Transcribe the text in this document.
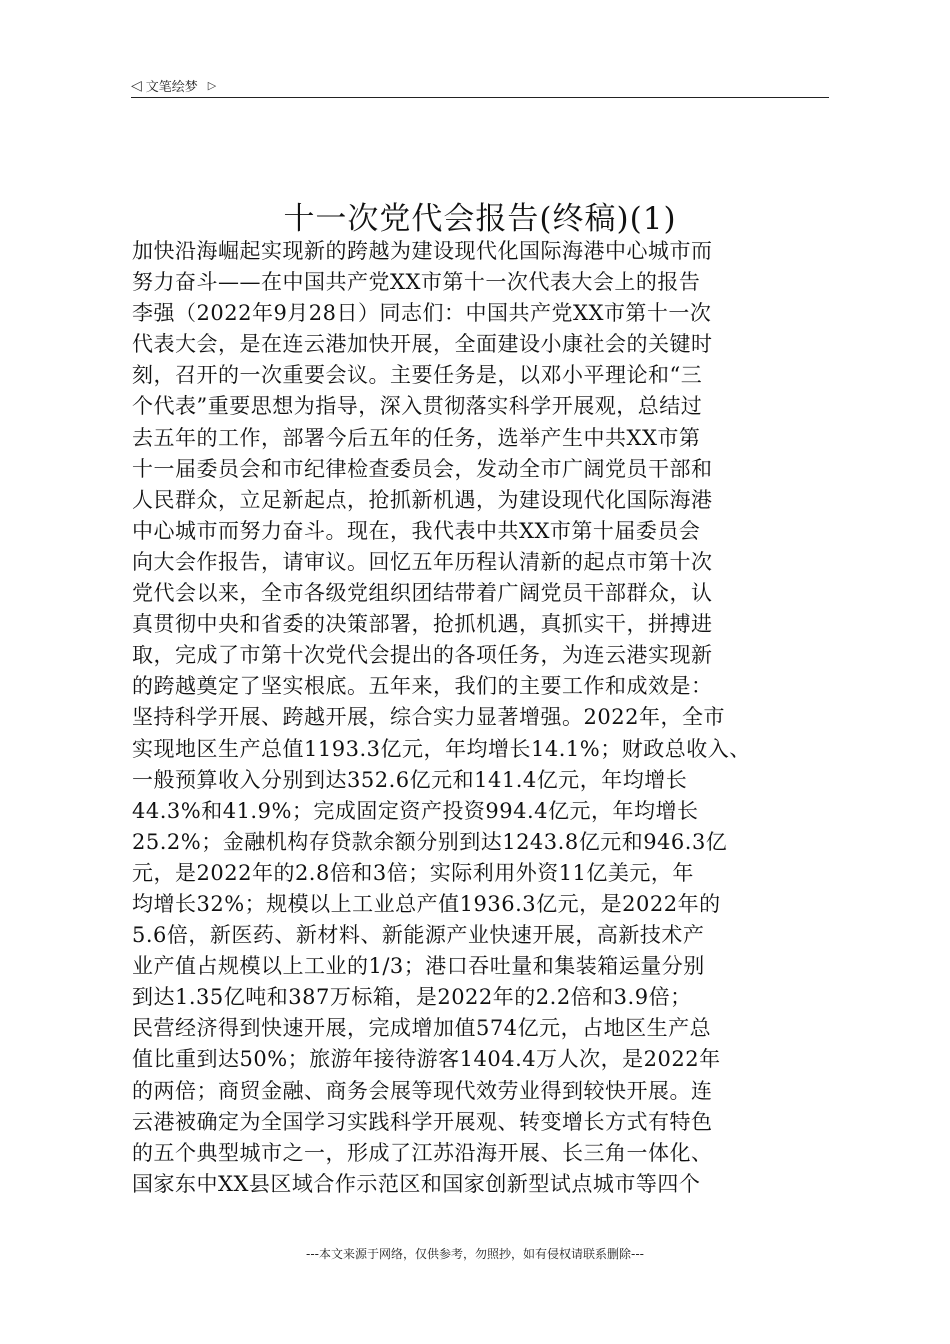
◁ 文笔绘梦 ▷
十一次党代会报告(终稿)(1)
加快沿海崛起实现新的跨越为建设现代化国际海港中心城市而
努力奋斗——在中国共产党XX市第十一次代表大会上的报告
李强（2022年9月28日）同志们：中国共产党XX市第十一次
代表大会，是在连云港加快开展，全面建设小康社会的关键时
刻，召开的一次重要会议。主要任务是，以邓小平理论和“三
个代表”重要思想为指导，深入贯彻落实科学开展观，总结过
去五年的工作，部署今后五年的任务，选举产生中共XX市第
十一届委员会和市纪律检查委员会，发动全市广阔党员干部和
人民群众，立足新起点，抢抓新机遇，为建设现代化国际海港
中心城市而努力奋斗。现在，我代表中共XX市第十届委员会
向大会作报告，请审议。回忆五年历程认清新的起点市第十次
党代会以来，全市各级党组织团结带着广阔党员干部群众，认
真贯彻中央和省委的决策部署，抢抓机遇，真抓实干，拼搏进
取，完成了市第十次党代会提出的各项任务，为连云港实现新
的跨越奠定了坚实根底。五年来，我们的主要工作和成效是：
坚持科学开展、跨越开展，综合实力显著增强。2022年，全市
实现地区生产总值1193.3亿元，年均增长14.1%；财政总收入、
一般预算收入分别到达352.6亿元和141.4亿元，年均增长
44.3%和41.9%；完成固定资产投资994.4亿元，年均增长
25.2%；金融机构存贷款余额分别到达1243.8亿元和946.3亿
元，是2022年的2.8倍和3倍；实际利用外资11亿美元，年
均增长32%；规模以上工业总产值1936.3亿元，是2022年的
5.6倍，新医药、新材料、新能源产业快速开展，高新技术产
业产值占规模以上工业的1/3；港口吞吐量和集装箱运量分别
到达1.35亿吨和387万标箱，是2022年的2.2倍和3.9倍；
民营经济得到快速开展，完成增加值574亿元，占地区生产总
值比重到达50%；旅游年接待游客1404.4万人次，是2022年
的两倍；商贸金融、商务会展等现代效劳业得到较快开展。连
云港被确定为全国学习实践科学开展观、转变增长方式有特色
的五个典型城市之一，形成了江苏沿海开展、长三角一体化、
国家东中XX县区域合作示范区和国家创新型试点城市等四个
---本文来源于网络，仅供参考，勿照抄，如有侵权请联系删除---
